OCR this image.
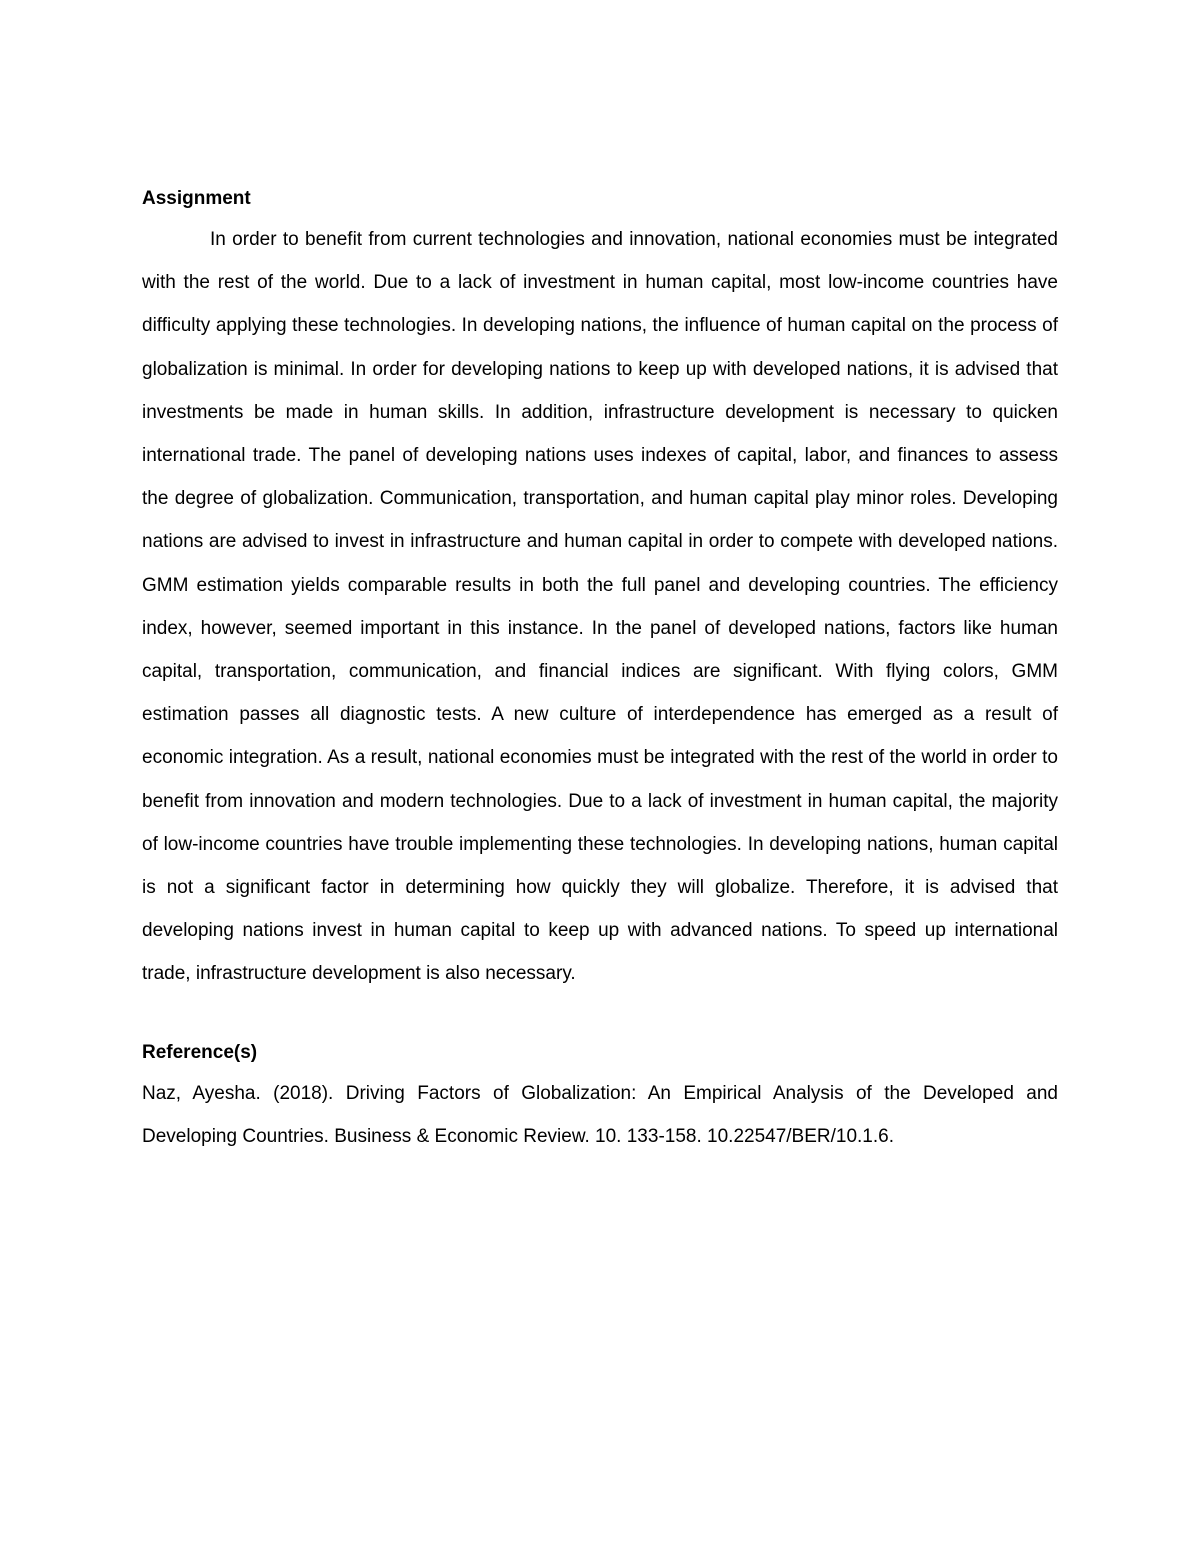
Assignment

In order to benefit from current technologies and innovation, national economies must be integrated with the rest of the world. Due to a lack of investment in human capital, most low-income countries have difficulty applying these technologies. In developing nations, the influence of human capital on the process of globalization is minimal. In order for developing nations to keep up with developed nations, it is advised that investments be made in human skills. In addition, infrastructure development is necessary to quicken international trade. The panel of developing nations uses indexes of capital, labor, and finances to assess the degree of globalization. Communication, transportation, and human capital play minor roles. Developing nations are advised to invest in infrastructure and human capital in order to compete with developed nations. GMM estimation yields comparable results in both the full panel and developing countries. The efficiency index, however, seemed important in this instance. In the panel of developed nations, factors like human capital, transportation, communication, and financial indices are significant. With flying colors, GMM estimation passes all diagnostic tests. A new culture of interdependence has emerged as a result of economic integration. As a result, national economies must be integrated with the rest of the world in order to benefit from innovation and modern technologies. Due to a lack of investment in human capital, the majority of low-income countries have trouble implementing these technologies. In developing nations, human capital is not a significant factor in determining how quickly they will globalize. Therefore, it is advised that developing nations invest in human capital to keep up with advanced nations. To speed up international trade, infrastructure development is also necessary.

Reference(s)

Naz, Ayesha. (2018). Driving Factors of Globalization: An Empirical Analysis of the Developed and Developing Countries. Business & Economic Review. 10. 133-158. 10.22547/BER/10.1.6.
